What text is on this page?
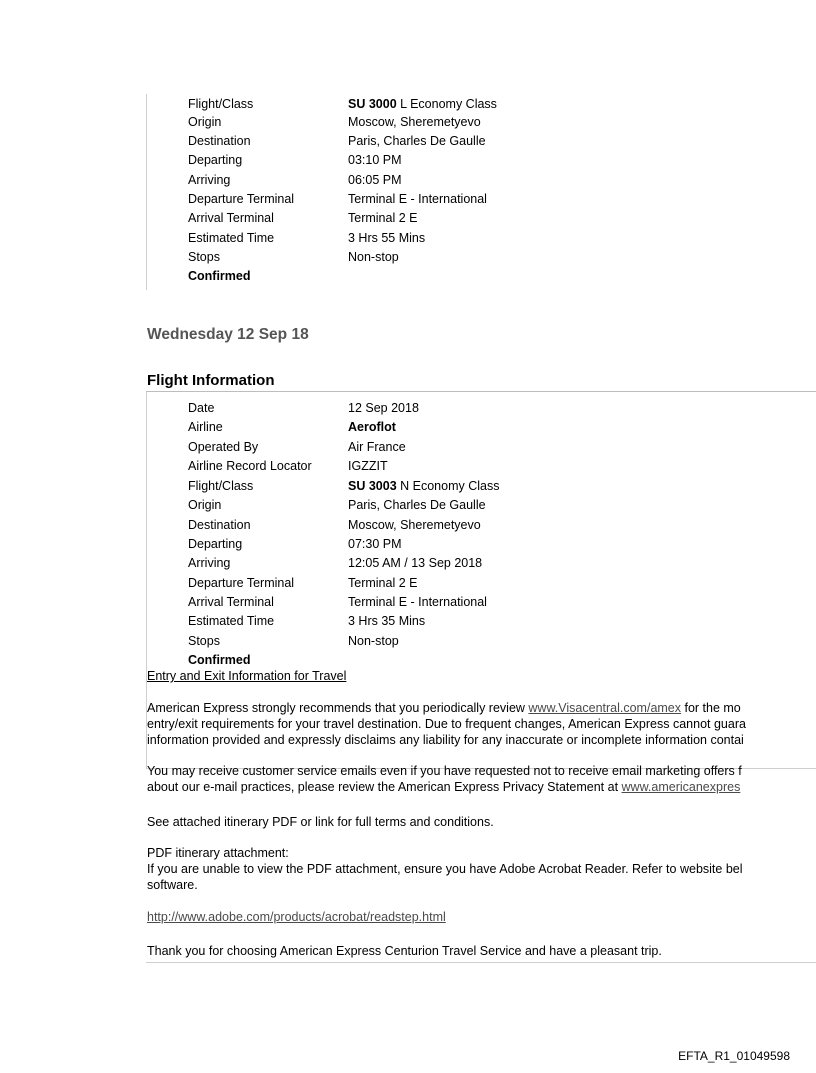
Flight/Class	SU 3000 L Economy Class
Origin	Moscow, Sheremetyevo
Destination	Paris, Charles De Gaulle
Departing	03:10 PM
Arriving	06:05 PM
Departure Terminal	Terminal E - International
Arrival Terminal	Terminal 2 E
Estimated Time	3 Hrs 55 Mins
Stops	Non-stop
Confirmed
Wednesday 12 Sep 18
Flight Information
Date	12 Sep 2018
Airline	Aeroflot
Operated By	Air France
Airline Record Locator	IGZZIT
Flight/Class	SU 3003 N Economy Class
Origin	Paris, Charles De Gaulle
Destination	Moscow, Sheremetyevo
Departing	07:30 PM
Arriving	12:05 AM / 13 Sep 2018
Departure Terminal	Terminal 2 E
Arrival Terminal	Terminal E - International
Estimated Time	3 Hrs 35 Mins
Stops	Non-stop
Confirmed
Entry and Exit Information for Travel
American Express strongly recommends that you periodically review www.Visacentral.com/amex for the mo
entry/exit requirements for your travel destination. Due to frequent changes, American Express cannot guara
information provided and expressly disclaims any liability for any inaccurate or incomplete information contai
You may receive customer service emails even if you have requested not to receive email marketing offers f
about our e-mail practices, please review the American Express Privacy Statement at www.americanexpres
See attached itinerary PDF or link for full terms and conditions.
PDF itinerary attachment:
If you are unable to view the PDF attachment, ensure you have Adobe Acrobat Reader. Refer to website bel
software.
http://www.adobe.com/products/acrobat/readstep.html
Thank you for choosing American Express Centurion Travel Service and have a pleasant trip.
EFTA_R1_01049598
